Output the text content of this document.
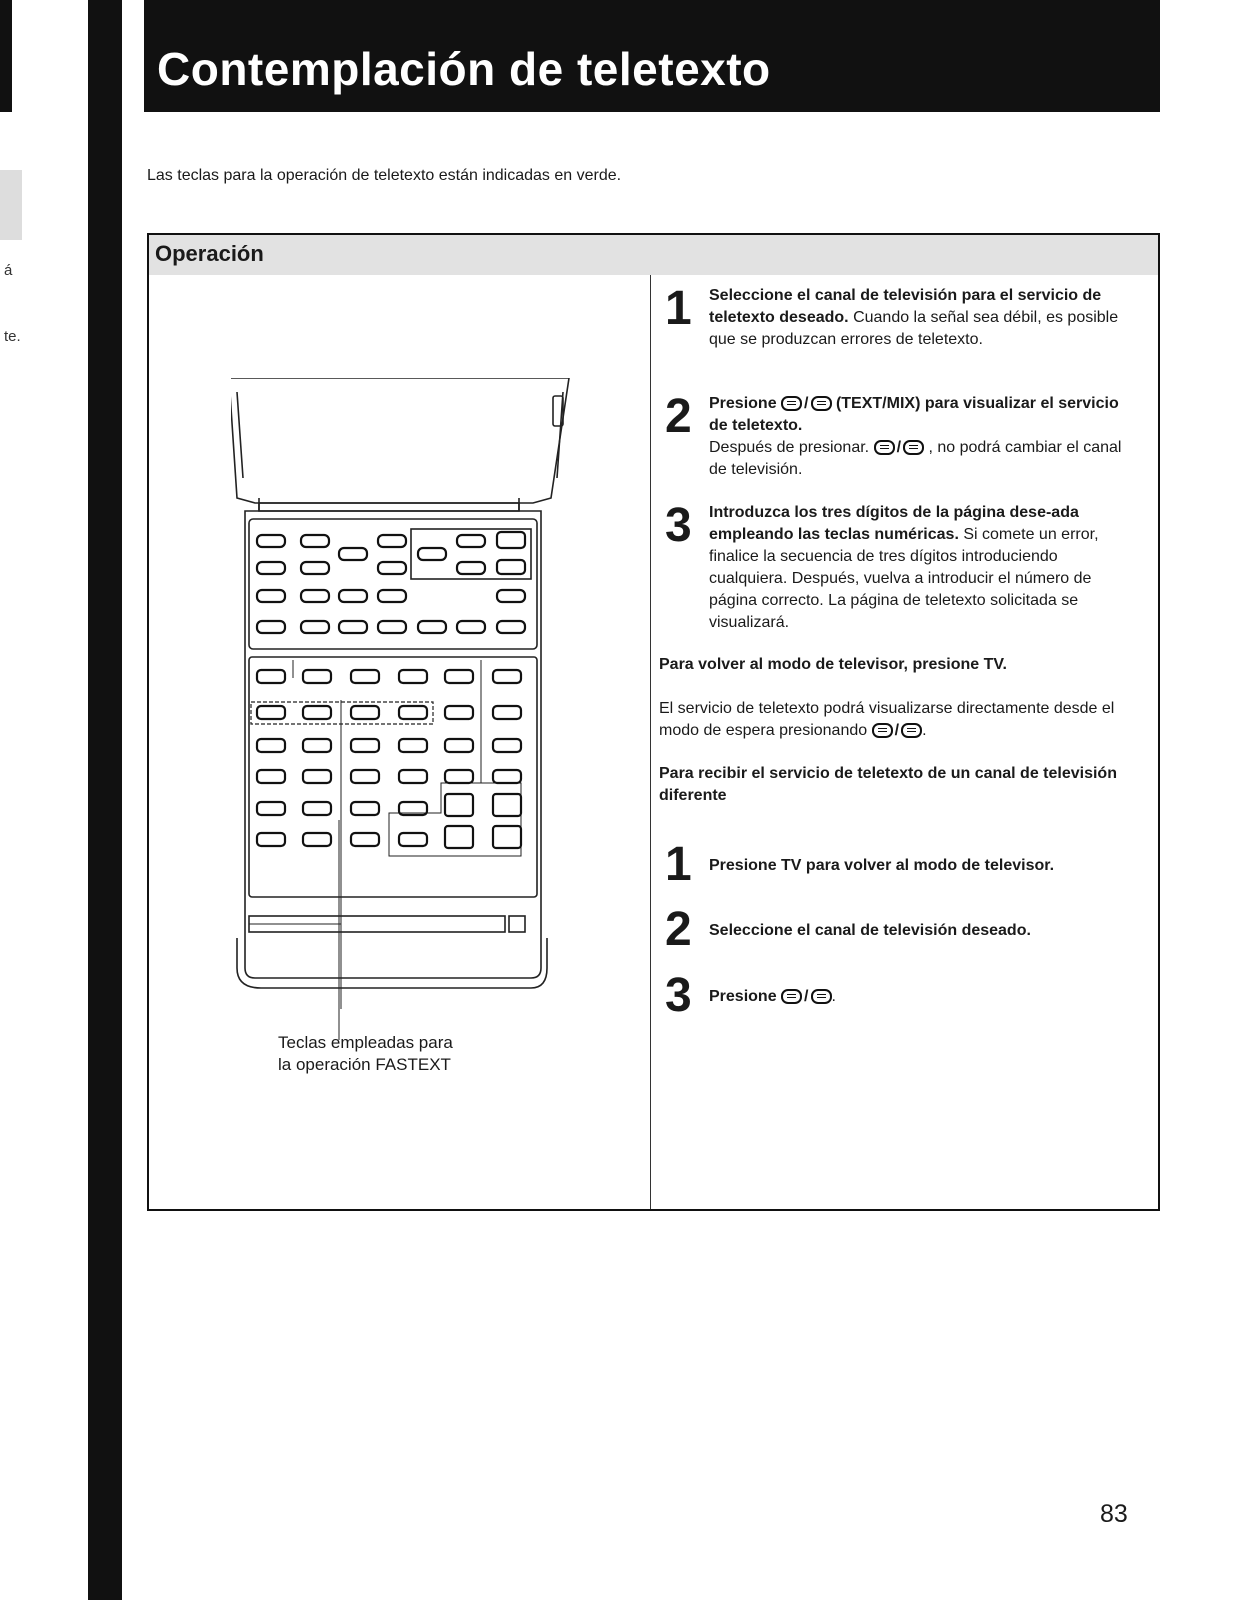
á
te.
Contemplación de teletexto
Las teclas para la operación de teletexto están indicadas en verde.
Operación
Teclas empleadas para
la operación FASTEXT
1 Seleccione el canal de televisión para el servicio de teletexto deseado. Cuando la señal sea débil, es posible que se produzcan errores de teletexto.
2 Presione / (TEXT/MIX) para visualizar el servicio de teletexto.
Después de presionar. / , no podrá cambiar el canal de televisión.
3 Introduzca los tres dígitos de la página dese-ada empleando las teclas numéricas. Si comete un error, finalice la secuencia de tres dígitos introduciendo cualquiera. Después, vuelva a introducir el número de página correcto. La página de teletexto solicitada se visualizará.
Para volver al modo de televisor, presione TV.
El servicio de teletexto podrá visualizarse directamente desde el modo de espera presionando / .
Para recibir el servicio de teletexto de un canal de televisión diferente
1 Presione TV para volver al modo de televisor.
2 Seleccione el canal de televisión deseado.
3 Presione / .
83
